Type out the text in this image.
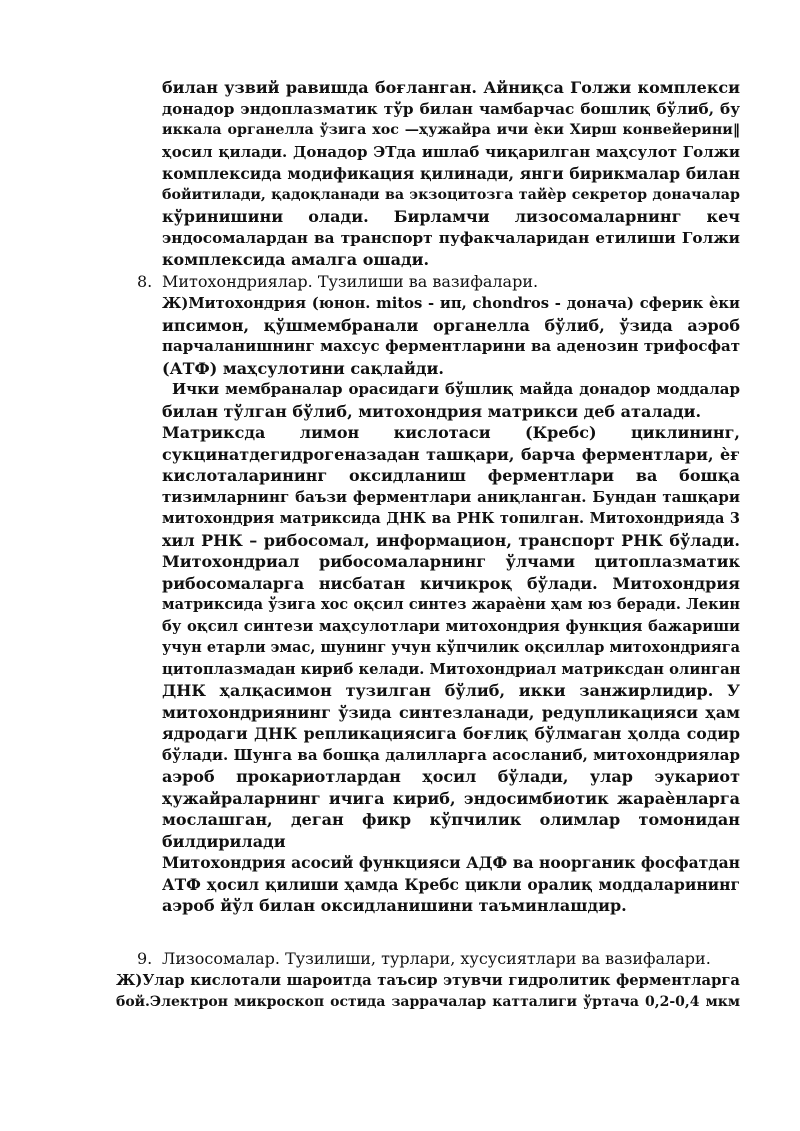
билан узвий равишда боғланган. Айниқса Голжи комплекси
донадор эндоплазматик тўр билан чамбарчас бошлиқ бўлиб, бу
иккала органелла ўзига хос —ҳужайра ичи ѐки Хирш конвейерини‖
ҳосил қилади. Донадор ЭТда ишлаб чиқарилган маҳсулот Голжи
комплексида модификация қилинади, янги бирикмалар билан
бойитилади, қадоқланади ва экзоцитозга тайѐр секретор доначалар
кўринишини олади. Бирламчи лизосомаларнинг кеч
эндосомалардан ва транспорт пуфакчаларидан етилиши Голжи
комплексида амалга ошади.
8. Митохондриялар. Тузилиши ва вазифалари.
Ж)Митохондрия (юнон. mitos - ип, chondros - донача) сферик ѐки
ипсимон, қўшмембранали органелла бўлиб, ўзида аэроб
парчаланишнинг махсус ферментларини ва аденозин трифосфат
(АТФ) маҳсулотини сақлайди.
Ички мембраналар орасидаги бўшлиқ майда донадор моддалар
билан тўлган бўлиб, митохондрия матрикси деб аталади.
Матриксда лимон кислотаси (Кребс) циклининг,
сукцинатдегидрогеназадан ташқари, барча ферментлари, ѐғ
кислоталарининг оксидланиш ферментлари ва бошқа
тизимларнинг баъзи ферментлари аниқланган. Бундан ташқари
митохондрия матриксида ДНК ва РНК топилган. Митохондрияда 3
хил РНК – рибосомал, информацион, транспорт РНК бўлади.
Митохондриал рибосомаларнинг ўлчами цитоплазматик
рибосомаларга нисбатан кичикроқ бўлади. Митохондрия
матриксида ўзига хос оқсил синтез жараѐни ҳам юз беради. Лекин
бу оқсил синтези маҳсулотлари митохондрия функция бажариши
учун етарли эмас, шунинг учун кўпчилик оқсиллар митохондрияга
цитоплазмадан кириб келади. Митохондриал матриксдан олинган
ДНК ҳалқасимон тузилган бўлиб, икки занжирлидир. У
митохондриянинг ўзида синтезланади, редупликацияси ҳам
ядродаги ДНК репликациясига боғлиқ бўлмаган ҳолда содир
бўлади. Шунга ва бошқа далилларга асосланиб, митохондриялар
аэроб прокариотлардан ҳосил бўлади, улар эукариот
ҳужайраларнинг ичига кириб, эндосимбиотик жараѐнларга
мослашган, деган фикр кўпчилик олимлар томонидан
билдирилади
Митохондрия асосий функцияси АДФ ва ноорганик фосфатдан
АТФ ҳосил қилиши ҳамда Кребс цикли оралиқ моддаларининг
аэроб йўл билан оксидланишини таъминлашдир.
9. Лизосомалар. Тузилиши, турлари, хусусиятлари ва вазифалари.
Ж)Улар кислотали шароитда таъсир этувчи гидролитик ферментларга
бой.Электрон микроскоп остида заррачалар катталиги ўртача 0,2-0,4 мкм
